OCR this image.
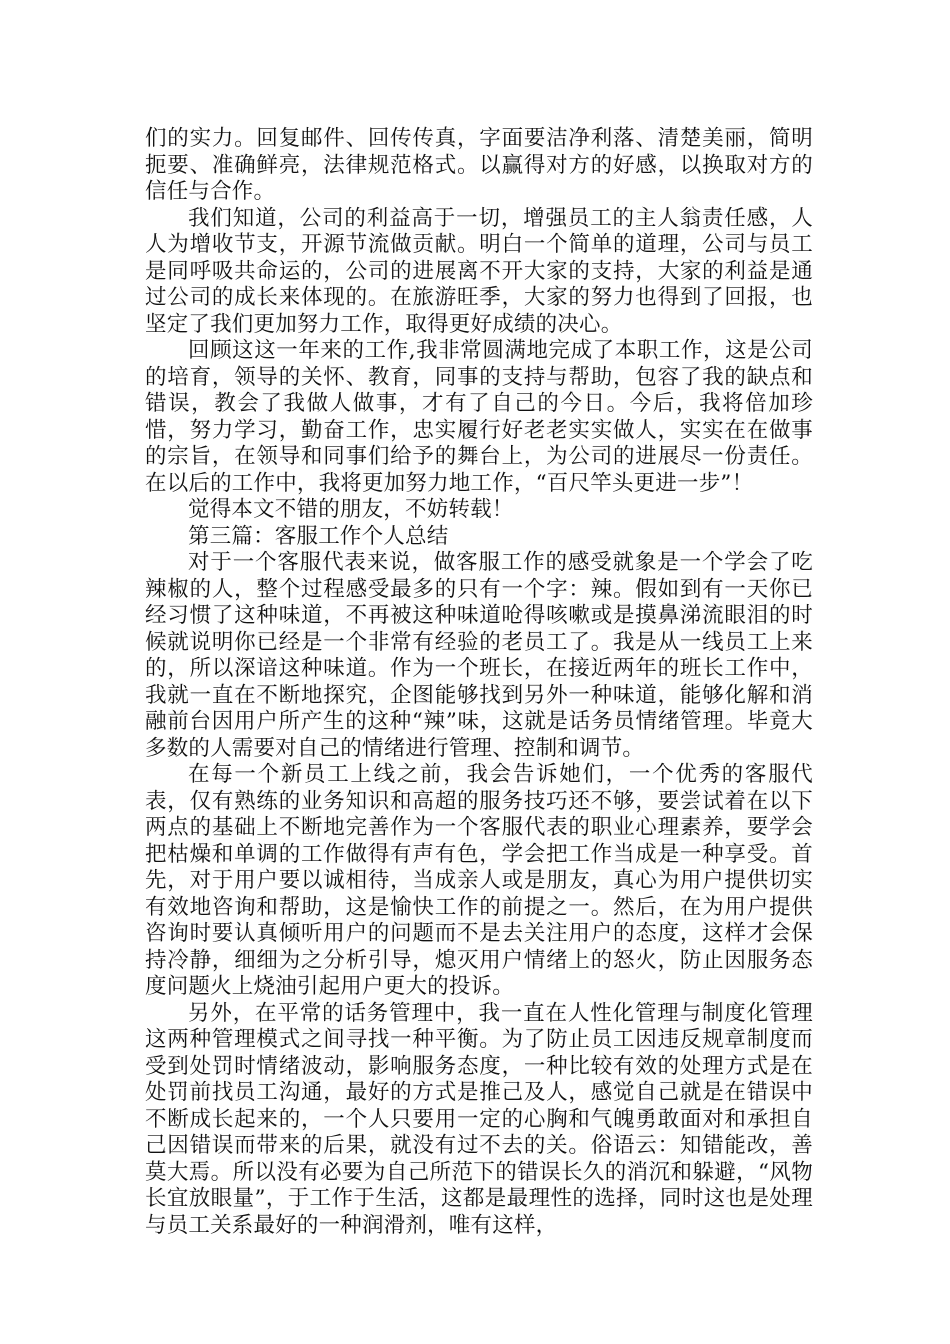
们的实力。回复邮件、回传传真，字面要洁净利落、清楚美丽，简明扼要、准确鲜亮，法律规范格式。以赢得对方的好感，以换取对方的信任与合作。

我们知道，公司的利益高于一切，增强员工的主人翁责任感，人人为增收节支，开源节流做贡献。明白一个简单的道理，公司与员工是同呼吸共命运的，公司的进展离不开大家的支持，大家的利益是通过公司的成长来体现的。在旅游旺季，大家的努力也得到了回报，也坚定了我们更加努力工作，取得更好成绩的决心。

回顾这这一年来的工作,我非常圆满地完成了本职工作，这是公司的培育，领导的关怀、教育，同事的支持与帮助，包容了我的缺点和错误，教会了我做人做事，才有了自己的今日。今后，我将倍加珍惜，努力学习，勤奋工作，忠实履行好老老实实做人，实实在在做事的宗旨，在领导和同事们给予的舞台上，为公司的进展尽一份责任。在以后的工作中，我将更加努力地工作，“百尺竿头更进一步”！

觉得本文不错的朋友，不妨转载！

第三篇：客服工作个人总结

对于一个客服代表来说，做客服工作的感受就象是一个学会了吃辣椒的人，整个过程感受最多的只有一个字：辣。假如到有一天你已经习惯了这种味道，不再被这种味道呛得咳嗽或是摸鼻涕流眼泪的时候就说明你已经是一个非常有经验的老员工了。我是从一线员工上来的，所以深谙这种味道。作为一个班长，在接近两年的班长工作中，我就一直在不断地探究，企图能够找到另外一种味道，能够化解和消融前台因用户所产生的这种“辣”味，这就是话务员情绪管理。毕竟大多数的人需要对自己的情绪进行管理、控制和调节。

在每一个新员工上线之前，我会告诉她们，一个优秀的客服代表，仅有熟练的业务知识和高超的服务技巧还不够，要尝试着在以下两点的基础上不断地完善作为一个客服代表的职业心理素养，要学会把枯燥和单调的工作做得有声有色，学会把工作当成是一种享受。首先，对于用户要以诚相待，当成亲人或是朋友，真心为用户提供切实有效地咨询和帮助，这是愉快工作的前提之一。然后，在为用户提供咨询时要认真倾听用户的问题而不是去关注用户的态度，这样才会保持冷静，细细为之分析引导，熄灭用户情绪上的怒火，防止因服务态度问题火上烧油引起用户更大的投诉。

另外，在平常的话务管理中，我一直在人性化管理与制度化管理这两种管理模式之间寻找一种平衡。为了防止员工因违反规章制度而受到处罚时情绪波动，影响服务态度，一种比较有效的处理方式是在处罚前找员工沟通，最好的方式是推己及人，感觉自己就是在错误中不断成长起来的，一个人只要用一定的心胸和气魄勇敢面对和承担自己因错误而带来的后果，就没有过不去的关。俗语云：知错能改，善莫大焉。所以没有必要为自己所范下的错误长久的消沉和躲避，“风物长宜放眼量”，于工作于生活，这都是最理性的选择，同时这也是处理与员工关系最好的一种润滑剂，唯有这样，
